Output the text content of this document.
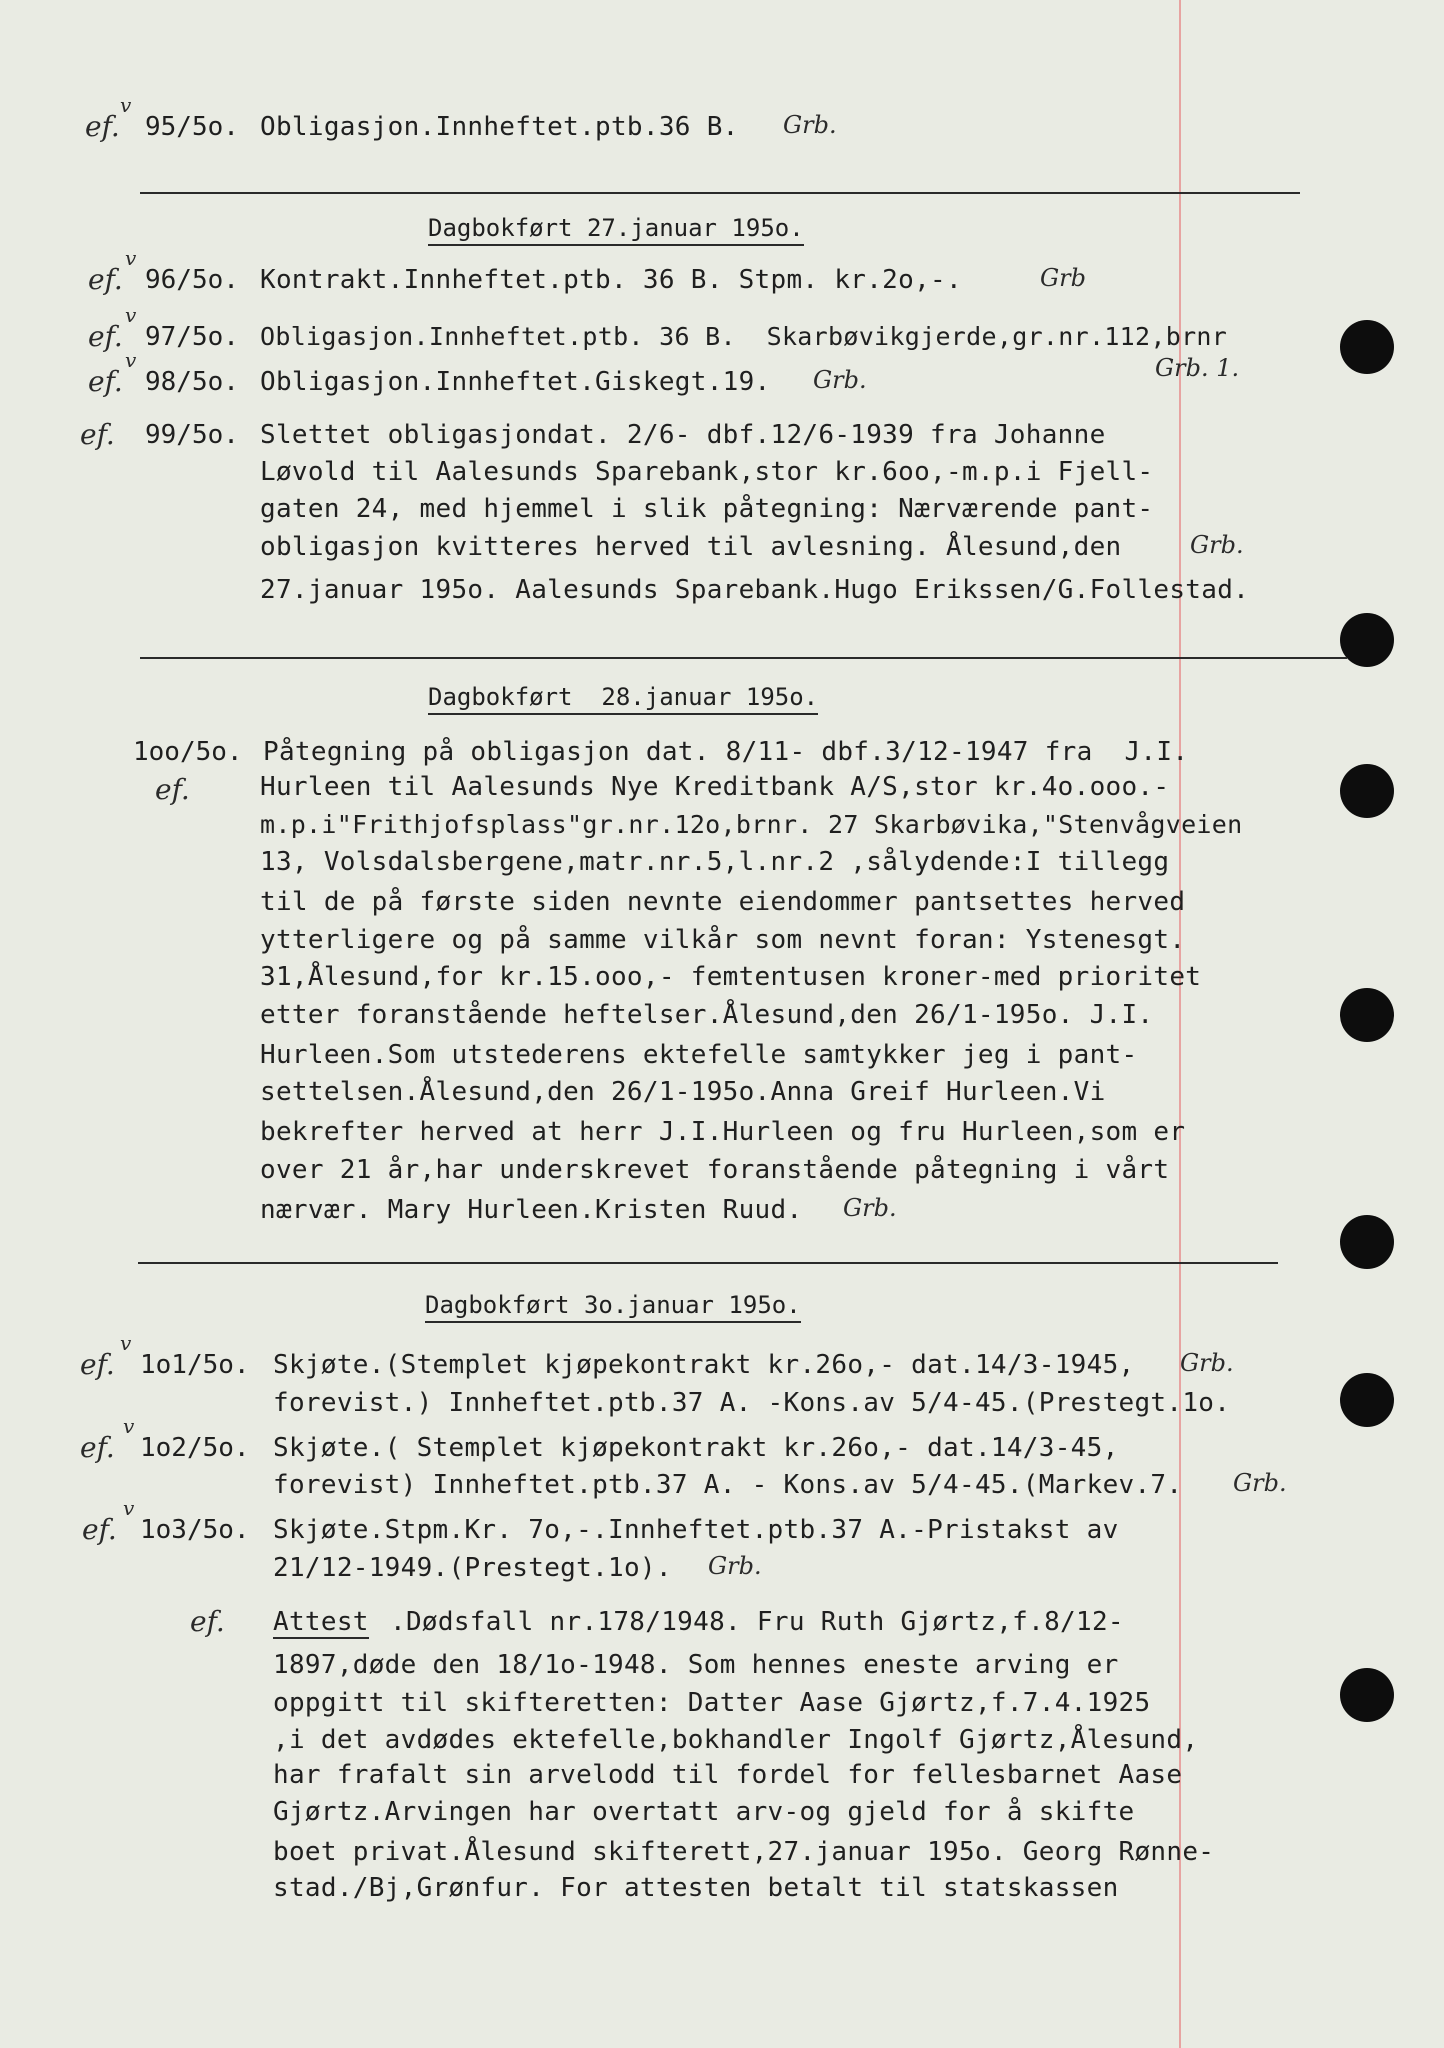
ef.
v
95/5o. Obligasjon.Innheftet.ptb.36 B. Grb.
Dagbokført 27.januar 195o.
ef.
v
96/5o. Kontrakt.Innheftet.ptb. 36 B. Stpm. kr.2o,-.	Grb
ef.
v
97/5o. Obligasjon.Innheftet.ptb. 36 B.  Skarbøvikgjerde,gr.nr.112,brnr
Grb. 1.
ef.
v
98/5o. Obligasjon.Innheftet.Giskegt.19. Grb.
ef. 99/5o. Slettet obligasjondat. 2/6- dbf.12/6-1939 fra Johanne
Løvold til Aalesunds Sparebank,stor kr.6oo,-m.p.i Fjell-
gaten 24, med hjemmel i slik påtegning: Nærværende pant-
obligasjon kvitteres herved til avlesning. Ålesund,den	Grb.
27.januar 195o. Aalesunds Sparebank.Hugo Erikssen/G.Follestad.
Dagbokført  28.januar 195o.
1oo/5o.
ef.
Påtegning på obligasjon dat. 8/11- dbf.3/12-1947 fra  J.I.
Hurleen til Aalesunds Nye Kreditbank A/S,stor kr.4o.ooo.-
m.p.i"Frithjofsplass"gr.nr.12o,brnr. 27 Skarbøvika,"Stenvågveien
13, Volsdalsbergene,matr.nr.5,l.nr.2 ,sålydende:I tillegg
til de på første siden nevnte eiendommer pantsettes herved
ytterligere og på samme vilkår som nevnt foran: Ystenesgt.
31,Ålesund,for kr.15.ooo,- femtentusen kroner-med prioritet
etter foranstående heftelser.Ålesund,den 26/1-195o. J.I.
Hurleen.Som utstederens ektefelle samtykker jeg i pant-
settelsen.Ålesund,den 26/1-195o.Anna Greif Hurleen.Vi
bekrefter herved at herr J.I.Hurleen og fru Hurleen,som er
over 21 år,har underskrevet foranstående påtegning i vårt
nærvær. Mary Hurleen.Kristen Ruud. Grb.
Dagbokført 3o.januar 195o.
ef.
v
1o1/5o. Skjøte.(Stemplet kjøpekontrakt kr.26o,- dat.14/3-1945, Grb.
forevist.) Innheftet.ptb.37 A. -Kons.av 5/4-45.(Prestegt.1o.
ef.
v
1o2/5o. Skjøte.( Stemplet kjøpekontrakt kr.26o,- dat.14/3-45,
forevist) Innheftet.ptb.37 A. - Kons.av 5/4-45.(Markev.7. Grb.
ef.
v
1o3/5o. Skjøte.Stpm.Kr. 7o,-.Innheftet.ptb.37 A.-Pristakst av
21/12-1949.(Prestegt.1o). Grb.
ef. Attest .Dødsfall nr.178/1948. Fru Ruth Gjørtz,f.8/12-
1897,døde den 18/1o-1948. Som hennes eneste arving er
oppgitt til skifteretten: Datter Aase Gjørtz,f.7.4.1925
,i det avdødes ektefelle,bokhandler Ingolf Gjørtz,Ålesund,
har frafalt sin arvelodd til fordel for fellesbarnet Aase
Gjørtz.Arvingen har overtatt arv-og gjeld for å skifte
boet privat.Ålesund skifterett,27.januar 195o. Georg Rønne-
stad./Bj,Grønfur. For attesten betalt til statskassen
